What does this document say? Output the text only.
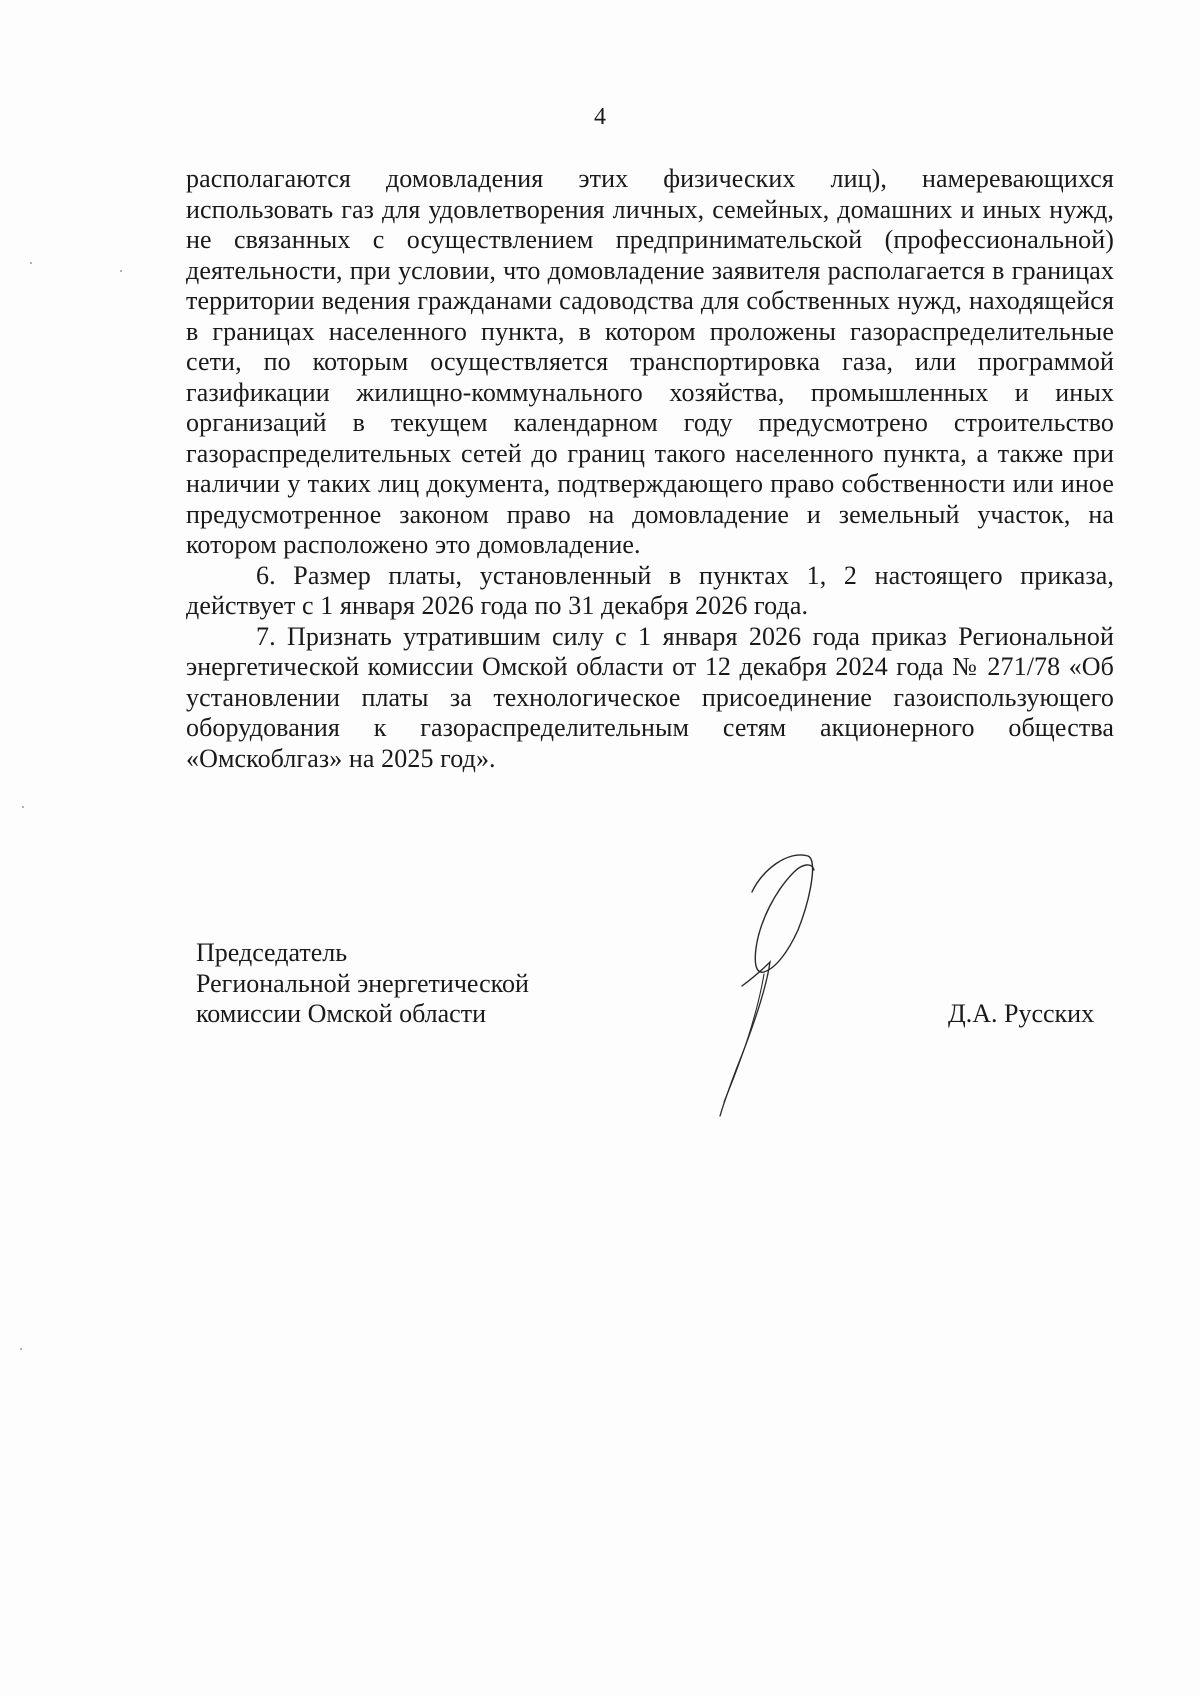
4

располагаются домовладения этих физических лиц), намеревающихся использовать газ для удовлетворения личных, семейных, домашних и иных нужд, не связанных с осуществлением предпринимательской (профессиональной) деятельности, при условии, что домовладение заявителя располагается в границах территории ведения гражданами садоводства для собственных нужд, находящейся в границах населенного пункта, в котором проложены газораспределительные сети, по которым осуществляется транспортировка газа, или программой газификации жилищно-коммунального хозяйства, промышленных и иных организаций в текущем календарном году предусмотрено строительство газораспределительных сетей до границ такого населенного пункта, а также при наличии у таких лиц документа, подтверждающего право собственности или иное предусмотренное законом право на домовладение и земельный участок, на котором расположено это домовладение.

6. Размер платы, установленный в пунктах 1, 2 настоящего приказа, действует с 1 января 2026 года по 31 декабря 2026 года.

7. Признать утратившим силу с 1 января 2026 года приказ Региональной энергетической комиссии Омской области от 12 декабря 2024 года № 271/78 «Об установлении платы за технологическое присоединение газоиспользующего оборудования к газораспределительным сетям акционерного общества «Омскоблгаз» на 2025 год».

Председатель
Региональной энергетической
комиссии Омской области	Д.А. Русских
